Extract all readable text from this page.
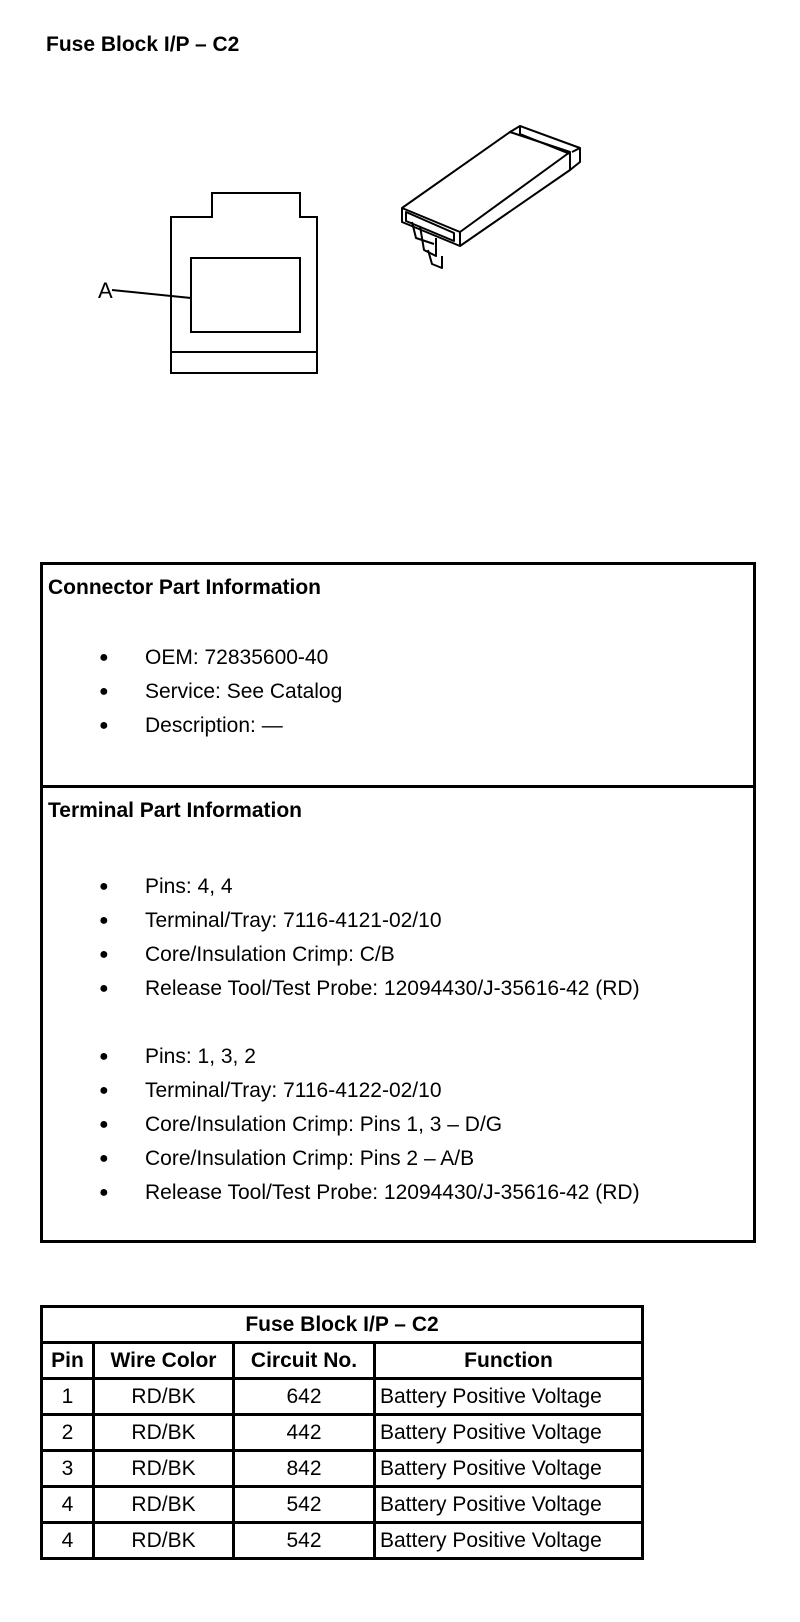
Fuse Block I/P – C2
A
Connector Part Information
● OEM: 72835600-40
● Service: See Catalog
● Description: —
Terminal Part Information
● Pins: 4, 4
● Terminal/Tray: 7116-4121-02/10
● Core/Insulation Crimp: C/B
● Release Tool/Test Probe: 12094430/J-35616-42 (RD)
● Pins: 1, 3, 2
● Terminal/Tray: 7116-4122-02/10
● Core/Insulation Crimp: Pins 1, 3 – D/G
● Core/Insulation Crimp: Pins 2 – A/B
● Release Tool/Test Probe: 12094430/J-35616-42 (RD)
Fuse Block I/P – C2			
Pin	Wire Color	Circuit No.	Function
1	RD/BK	642	Battery Positive Voltage
2	RD/BK	442	Battery Positive Voltage
3	RD/BK	842	Battery Positive Voltage
4	RD/BK	542	Battery Positive Voltage
4	RD/BK	542	Battery Positive Voltage
